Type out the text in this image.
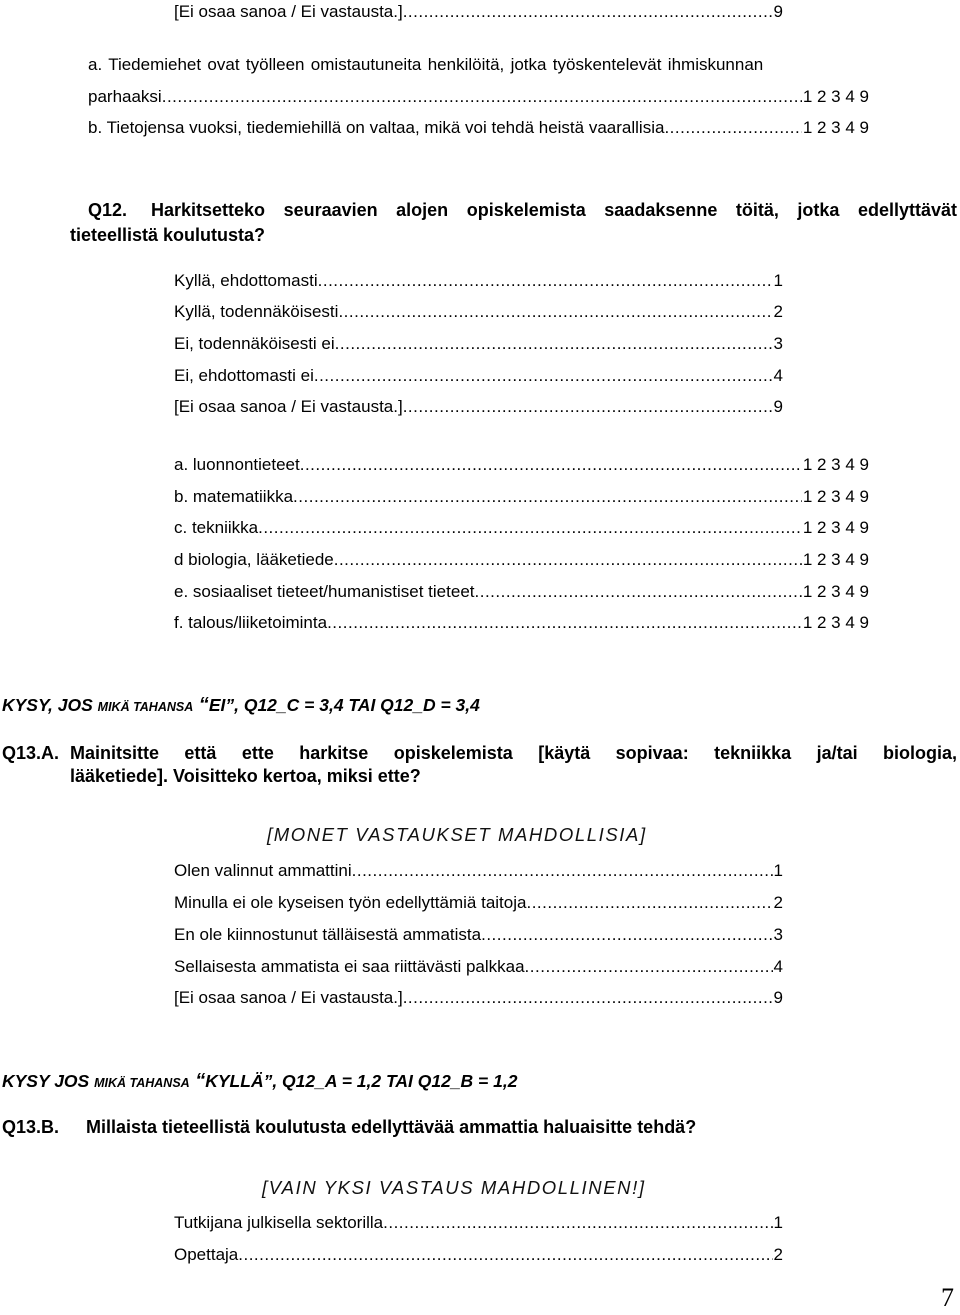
[Ei osaa sanoa / Ei vastausta.] .....	9
a. Tiedemiehet ovat työlleen omistautuneita henkilöitä, jotka työskentelevät ihmiskunnan
parhaaksi .....	1 2 3 4 9
b. Tietojensa vuoksi, tiedemiehillä on valtaa, mikä voi tehdä heistä vaarallisia .....	1 2 3 4 9
Q12. Harkitsetteko seuraavien alojen opiskelemista saadaksenne töitä, jotka edellyttävät
tieteellistä koulutusta?
Kyllä, ehdottomasti .....	1
Kyllä, todennäköisesti .....	2
Ei, todennäköisesti ei .....	3
Ei, ehdottomasti ei .....	4
[Ei osaa sanoa / Ei vastausta.] .....	9
a. luonnontieteet .....	1 2 3 4 9
b. matematiikka .....	1 2 3 4 9
c. tekniikka .....	1 2 3 4 9
d biologia, lääketiede .....	1 2 3 4 9
e. sosiaaliset tieteet/humanistiset tieteet .....	1 2 3 4 9
f. talous/liiketoiminta .....	1 2 3 4 9
KYSY, JOS MIKÄ TAHANSA “EI”, Q12_C = 3,4 TAI Q12_D = 3,4
Q13.A. Mainitsitte että ette harkitse opiskelemista [käytä sopivaa: tekniikka ja/tai biologia,
lääketiede]. Voisitteko kertoa, miksi ette?
[MONET VASTAUKSET MAHDOLLISIA]
Olen valinnut ammattini .....	1
Minulla ei ole kyseisen työn edellyttämiä taitoja .....	2
En ole kiinnostunut tälläisestä ammatista .....	3
Sellaisesta ammatista ei saa riittävästi palkkaa .....	4
[Ei osaa sanoa / Ei vastausta.] .....	9
KYSY JOS MIKÄ TAHANSA “KYLLÄ”, Q12_A = 1,2 TAI Q12_B = 1,2
Q13.B. Millaista tieteellistä koulutusta edellyttävää ammattia haluaisitte tehdä?
[VAIN YKSI VASTAUS MAHDOLLINEN!]
Tutkijana julkisella sektorilla .....	1
Opettaja .....	2
7
